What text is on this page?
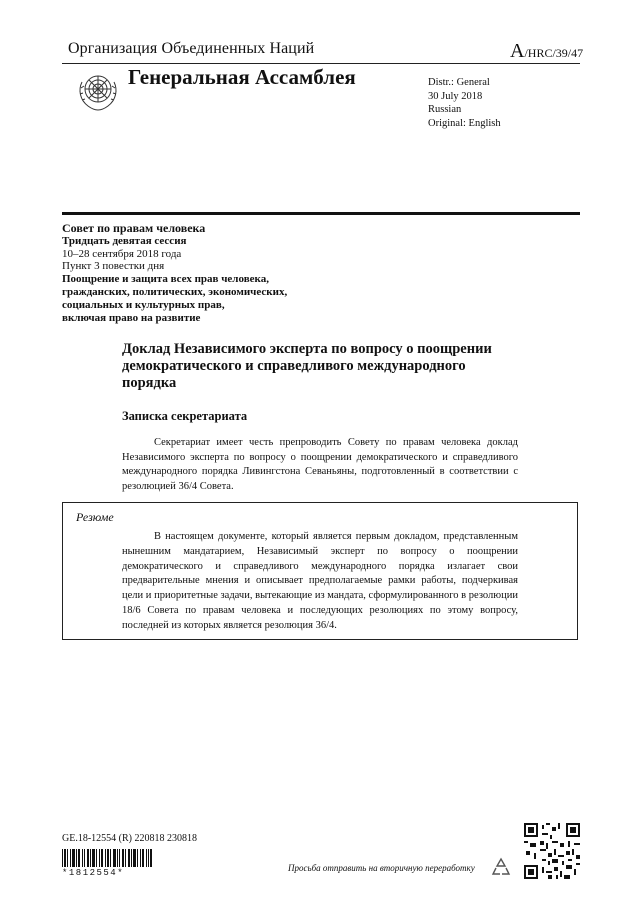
Организация Объединенных Наций	A/HRC/39/47
Генеральная Ассамблея	Distr.: General
30 July 2018
Russian
Original: English
Совет по правам человека
Тридцать девятая сессия
10–28 сентября 2018 года
Пункт 3 повестки дня
Поощрение и защита всех прав человека,
гражданских, политических, экономических,
социальных и культурных прав,
включая право на развитие
Доклад Независимого эксперта по вопросу о поощрении
демократического и справедливого международного
порядка
Записка секретариата
Секретариат имеет честь препроводить Совету по правам человека доклад Независимого эксперта по вопросу о поощрении демократического и справедливого международного порядка Ливингстона Севаньяны, подготовленный в соответствии с резолюцией 36/4 Совета.
Резюме
В настоящем документе, который является первым докладом, представленным нынешним мандатарием, Независимый эксперт по вопросу о поощрении демократического и справедливого международного порядка излагает свои предварительные мнения и описывает предполагаемые рамки работы, подчеркивая цели и приоритетные задачи, вытекающие из мандата, сформулированного в резолюции 18/6 Совета по правам человека и последующих резолюциях по этому вопросу, последней из которых является резолюция 36/4.
GE.18-12554 (R) 220818 230818
*1812554*	Просьба отправить на вторичную переработку
